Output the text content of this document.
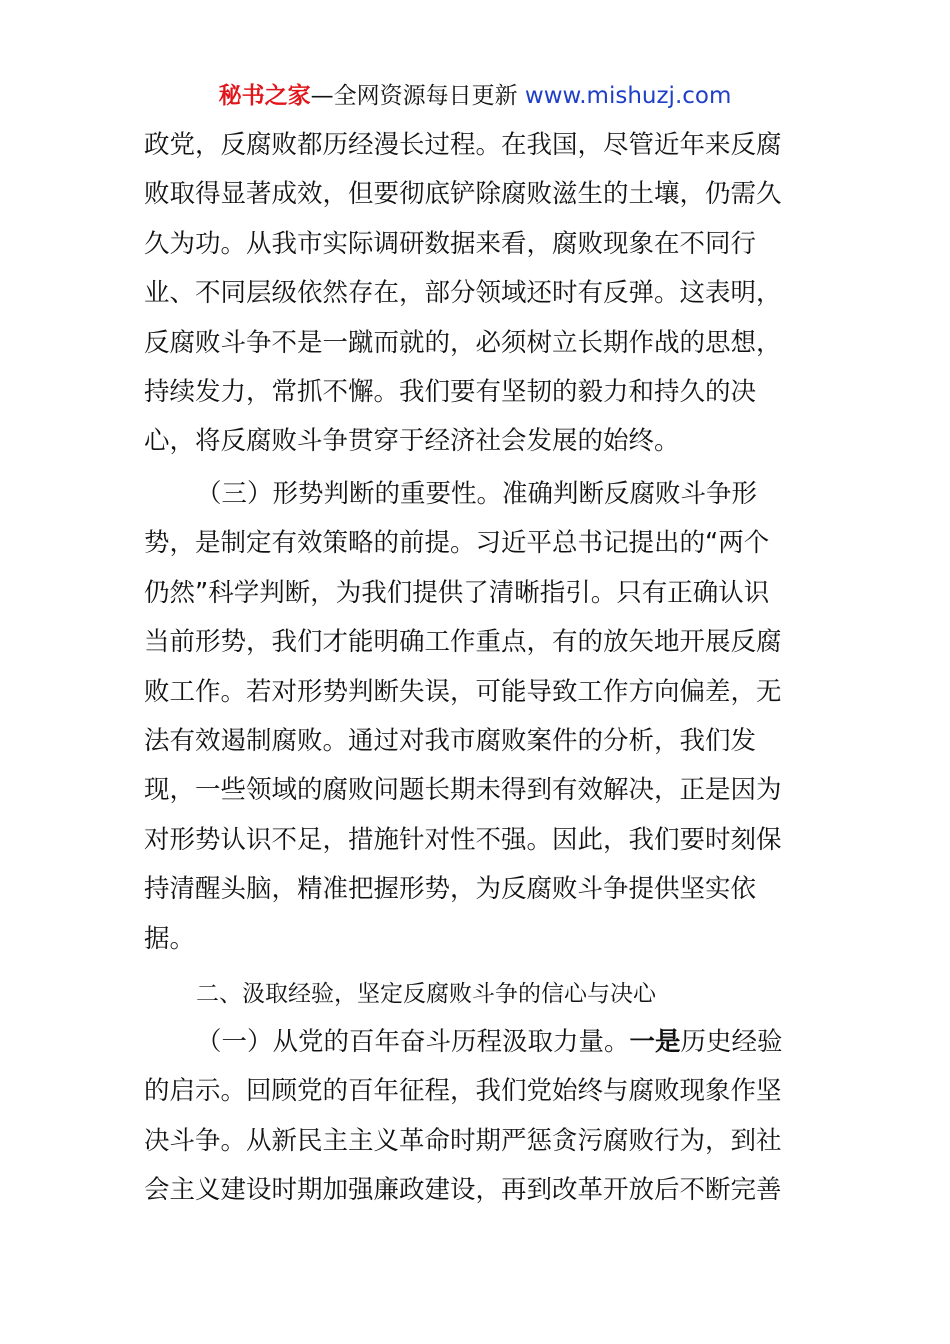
秘书之家—全网资源每日更新 www.mishuzj.com
政党，反腐败都历经漫长过程。在我国，尽管近年来反腐
败取得显著成效，但要彻底铲除腐败滋生的土壤，仍需久
久为功。从我市实际调研数据来看，腐败现象在不同行
业、不同层级依然存在，部分领域还时有反弹。这表明，
反腐败斗争不是一蹴而就的，必须树立长期作战的思想，
持续发力，常抓不懈。我们要有坚韧的毅力和持久的决
心，将反腐败斗争贯穿于经济社会发展的始终。
（三）形势判断的重要性。准确判断反腐败斗争形
势，是制定有效策略的前提。习近平总书记提出的“两个
仍然”科学判断，为我们提供了清晰指引。只有正确认识
当前形势，我们才能明确工作重点，有的放矢地开展反腐
败工作。若对形势判断失误，可能导致工作方向偏差，无
法有效遏制腐败。通过对我市腐败案件的分析，我们发
现，一些领域的腐败问题长期未得到有效解决，正是因为
对形势认识不足，措施针对性不强。因此，我们要时刻保
持清醒头脑，精准把握形势，为反腐败斗争提供坚实依
据。
二、汲取经验，坚定反腐败斗争的信心与决心
（一）从党的百年奋斗历程汲取力量。一是历史经验
的启示。回顾党的百年征程，我们党始终与腐败现象作坚
决斗争。从新民主主义革命时期严惩贪污腐败行为，到社
会主义建设时期加强廉政建设，再到改革开放后不断完善
